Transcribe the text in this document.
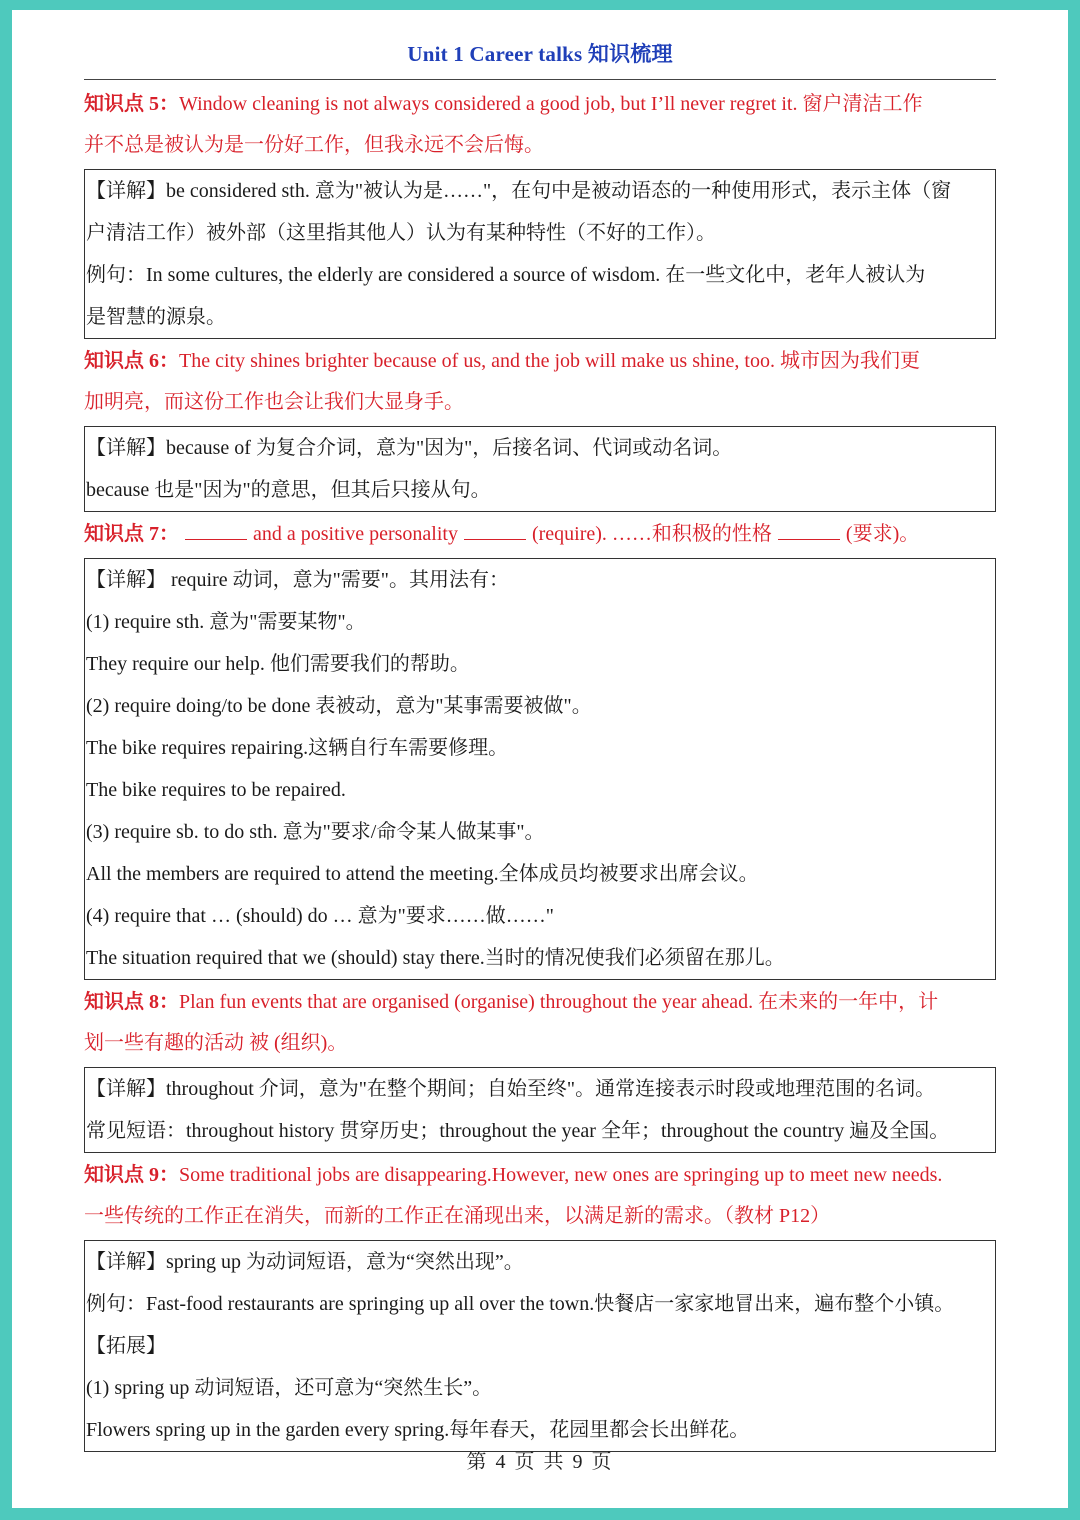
Unit 1 Career talks 知识梳理
知识点 5：Window cleaning is not always considered a good job, but I’ll never regret it. 窗户清洁工作
并不总是被认为是一份好工作，但我永远不会后悔。
【详解】be considered sth. 意为"被认为是……"，在句中是被动语态的一种使用形式，表示主体（窗
户清洁工作）被外部（这里指其他人）认为有某种特性（不好的工作）。
例句：In some cultures, the elderly are considered a source of wisdom. 在一些文化中，老年人被认为
是智慧的源泉。
知识点 6：The city shines brighter because of us, and the job will make us shine, too. 城市因为我们更
加明亮，而这份工作也会让我们大显身手。
【详解】because of 为复合介词，意为"因为"，后接名词、代词或动名词。
because 也是"因为"的意思，但其后只接从句。
知识点 7：	and a positive personality	(require). ……和积极的性格	(要求)。
【详解】 require 动词，意为"需要"。其用法有：
(1) require sth. 意为"需要某物"。
They require our help. 他们需要我们的帮助。
(2) require doing/to be done 表被动，意为"某事需要被做"。
The bike requires repairing.这辆自行车需要修理。
The bike requires to be repaired.
(3) require sb. to do sth. 意为"要求/命令某人做某事"。
All the members are required to attend the meeting.全体成员均被要求出席会议。
(4) require that … (should) do … 意为"要求……做……"
The situation required that we (should) stay there.当时的情况使我们必须留在那儿。
知识点 8：Plan fun events that are organised (organise) throughout the year ahead. 在未来的一年中，计
划一些有趣的活动 被 (组织)。
【详解】throughout 介词，意为"在整个期间；自始至终"。通常连接表示时段或地理范围的名词。
常见短语：throughout history 贯穿历史；throughout the year 全年；throughout the country 遍及全国。
知识点 9：Some traditional jobs are disappearing.However, new ones are springing up to meet new needs.
一些传统的工作正在消失，而新的工作正在涌现出来，以满足新的需求。（教材 P12）
【详解】spring up 为动词短语，意为“突然出现”。
例句：Fast-food restaurants are springing up all over the town.快餐店一家家地冒出来，遍布整个小镇。
【拓展】
(1) spring up 动词短语，还可意为“突然生长”。
Flowers spring up in the garden every spring.每年春天，花园里都会长出鲜花。
第 4 页 共 9 页
